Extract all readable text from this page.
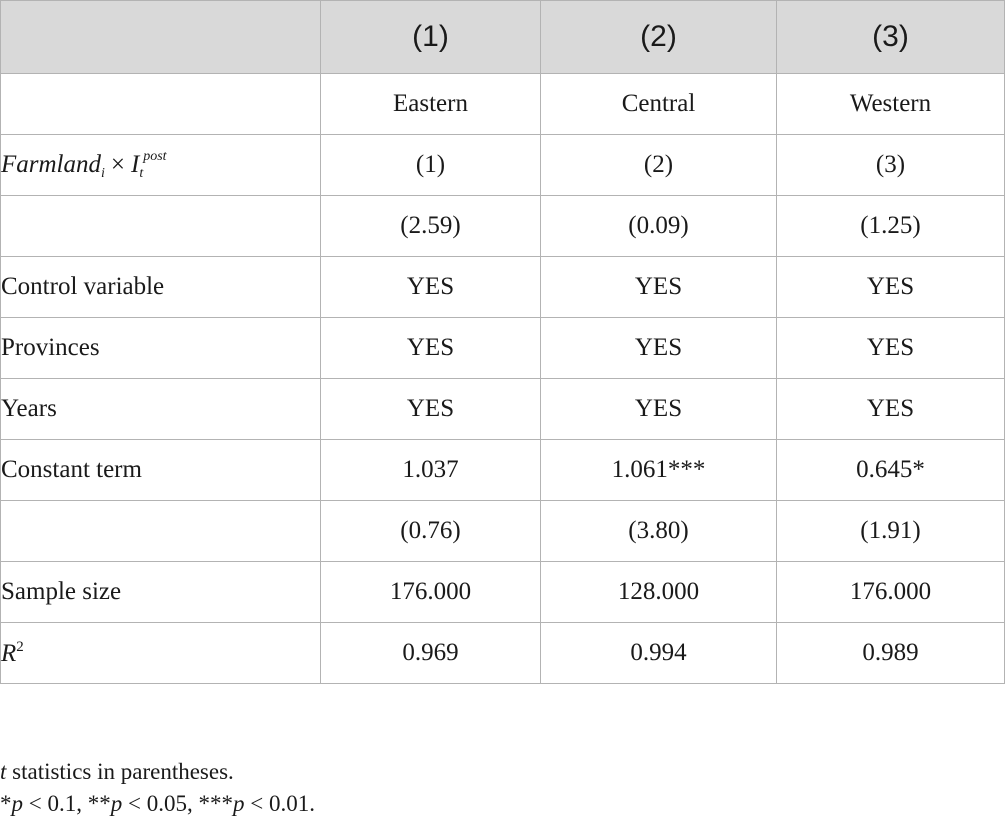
	(1)	(2)	(3)
	Eastern	Central	Western
Farmland$_i$ × $I_t^{post}$	(1)	(2)	(3)
	(2.59)	(0.09)	(1.25)
Control variable	YES	YES	YES
Provinces	YES	YES	YES
Years	YES	YES	YES
Constant term	1.037	1.061***	0.645*
	(0.76)	(3.80)	(1.91)
Sample size	176.000	128.000	176.000
$R^2$	0.969	0.994	0.989
t statistics in parentheses.
*p < 0.1, **p < 0.05, ***p < 0.01.
